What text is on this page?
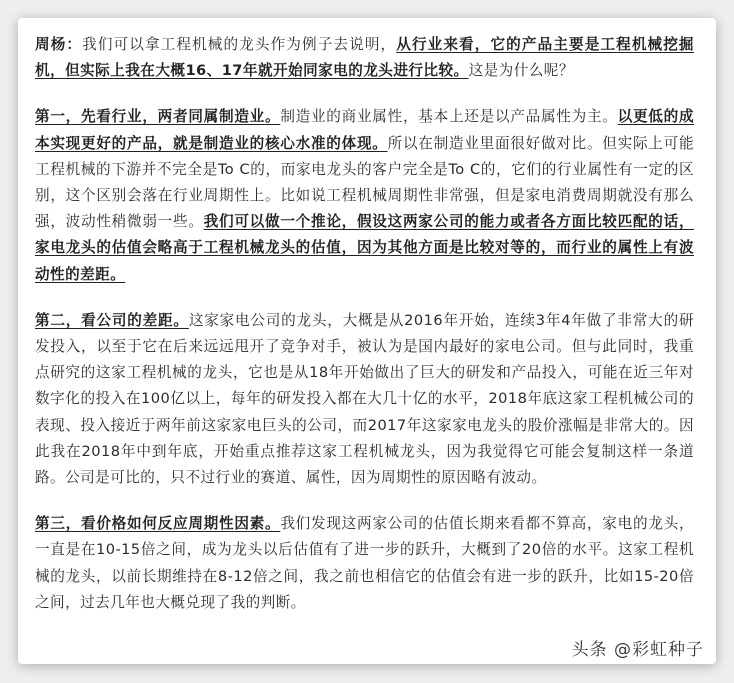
周杨：我们可以拿工程机械的龙头作为例子去说明，从行业来看，它的产品主要是工程机械挖掘机，但实际上我在大概16、17年就开始同家电的龙头进行比较。这是为什么呢？

第一，先看行业，两者同属制造业。制造业的商业属性，基本上还是以产品属性为主。以更低的成本实现更好的产品，就是制造业的核心水准的体现。所以在制造业里面很好做对比。但实际上可能工程机械的下游并不完全是To C的，而家电龙头的客户完全是To C的，它们的行业属性有一定的区别，这个区别会落在行业周期性上。比如说工程机械周期性非常强，但是家电消费周期就没有那么强，波动性稍微弱一些。我们可以做一个推论，假设这两家公司的能力或者各方面比较匹配的话，家电龙头的估值会略高于工程机械龙头的估值，因为其他方面是比较对等的，而行业的属性上有波动性的差距。

第二，看公司的差距。这家家电公司的龙头，大概是从2016年开始，连续3年4年做了非常大的研发投入，以至于它在后来远远甩开了竞争对手，被认为是国内最好的家电公司。但与此同时，我重点研究的这家工程机械的龙头，它也是从18年开始做出了巨大的研发和产品投入，可能在近三年对数字化的投入在100亿以上，每年的研发投入都在大几十亿的水平，2018年底这家工程机械公司的表现、投入接近于两年前这家家电巨头的公司，而2017年这家家电龙头的股价涨幅是非常大的。因此我在2018年中到年底，开始重点推荐这家工程机械龙头，因为我觉得它可能会复制这样一条道路。公司是可比的，只不过行业的赛道、属性，因为周期性的原因略有波动。

第三，看价格如何反应周期性因素。我们发现这两家公司的估值长期来看都不算高，家电的龙头，一直是在10-15倍之间，成为龙头以后估值有了进一步的跃升，大概到了20倍的水平。这家工程机械的龙头，以前长期维持在8-12倍之间，我之前也相信它的估值会有进一步的跃升，比如15-20倍之间，过去几年也大概兑现了我的判断。

头条 @彩虹种子
